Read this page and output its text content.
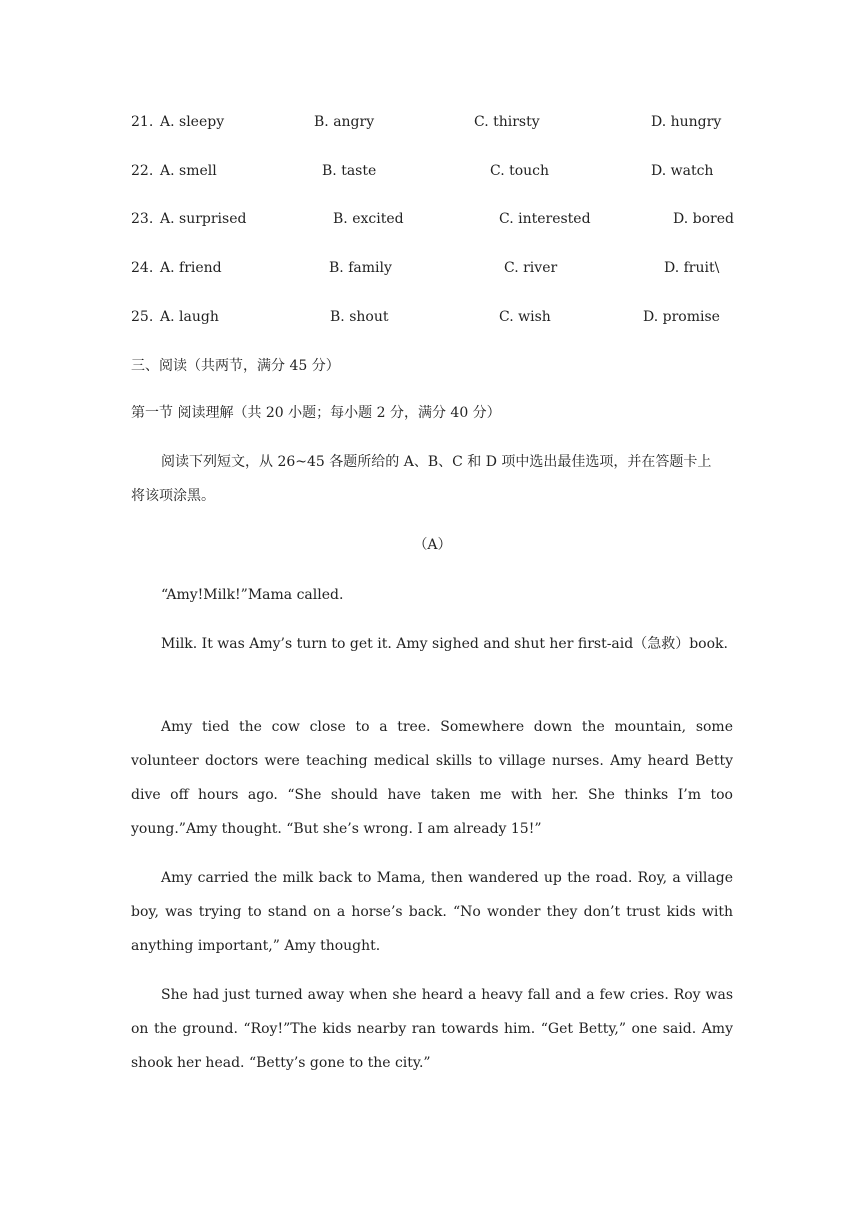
21. A. sleepy	B. angry	C. thirsty	D. hungry
22. A. smell	B. taste	C. touch	D. watch
23. A. surprised	B. excited	C. interested	D. bored
24. A. friend	B. family	C. river	D. fruit\
25. A. laugh	B. shout	C. wish	D. promise
三、阅读（共两节，满分 45 分）
第一节 阅读理解（共 20 小题；每小题 2 分，满分 40 分）
阅读下列短文，从 26~45 各题所给的 A、B、C 和 D 项中选出最佳选项，并在答题卡上
将该项涂黑。
（A）
“Amy!Milk!”Mama called.
Milk. It was Amy’s turn to get it. Amy sighed and shut her first-aid（急救）book.
Amy tied the cow close to a tree. Somewhere down the mountain, some volunteer doctors were teaching medical skills to village nurses. Amy heard Betty dive off hours ago. “She should have taken me with her. She thinks I’m too young.”Amy thought. “But she’s wrong. I am already 15!”
Amy carried the milk back to Mama, then wandered up the road. Roy, a village boy, was trying to stand on a horse’s back. “No wonder they don’t trust kids with anything important,” Amy thought.
She had just turned away when she heard a heavy fall and a few cries. Roy was on the ground. “Roy!”The kids nearby ran towards him. “Get Betty,” one said. Amy shook her head. “Betty’s gone to the city.”
